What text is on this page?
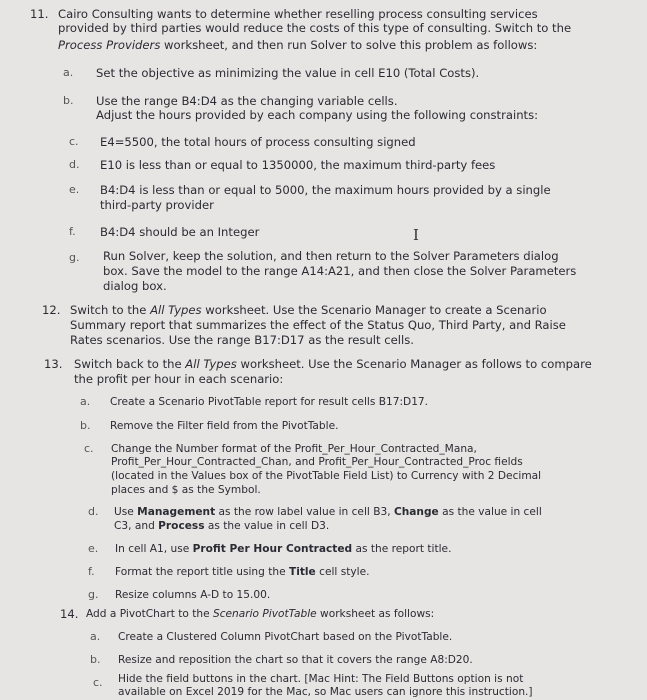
11. Cairo Consulting wants to determine whether reselling process consulting services
provided by third parties would reduce the costs of this type of consulting. Switch to the
Process Providers worksheet, and then run Solver to solve this problem as follows:
a. Set the objective as minimizing the value in cell E10 (Total Costs).
b. Use the range B4:D4 as the changing variable cells.
Adjust the hours provided by each company using the following constraints:
c. E4=5500, the total hours of process consulting signed
d. E10 is less than or equal to 1350000, the maximum third-party fees
e. B4:D4 is less than or equal to 5000, the maximum hours provided by a single
third-party provider
f. B4:D4 should be an Integer	I
g. Run Solver, keep the solution, and then return to the Solver Parameters dialog
box. Save the model to the range A14:A21, and then close the Solver Parameters
dialog box.
12. Switch to the All Types worksheet. Use the Scenario Manager to create a Scenario
Summary report that summarizes the effect of the Status Quo, Third Party, and Raise
Rates scenarios. Use the range B17:D17 as the result cells.
13. Switch back to the All Types worksheet. Use the Scenario Manager as follows to compare
the profit per hour in each scenario:
a. Create a Scenario PivotTable report for result cells B17:D17.
b. Remove the Filter field from the PivotTable.
c. Change the Number format of the Profit_Per_Hour_Contracted_Mana,
Profit_Per_Hour_Contracted_Chan, and Profit_Per_Hour_Contracted_Proc fields
(located in the Values box of the PivotTable Field List) to Currency with 2 Decimal
places and $ as the Symbol.
d. Use Management as the row label value in cell B3, Change as the value in cell
C3, and Process as the value in cell D3.
e. In cell A1, use Profit Per Hour Contracted as the report title.
f. Format the report title using the Title cell style.
g. Resize columns A-D to 15.00.
14. Add a PivotChart to the Scenario PivotTable worksheet as follows:
a. Create a Clustered Column PivotChart based on the PivotTable.
b. Resize and reposition the chart so that it covers the range A8:D20.
c. Hide the field buttons in the chart. [Mac Hint: The Field Buttons option is not
available on Excel 2019 for the Mac, so Mac users can ignore this instruction.]
